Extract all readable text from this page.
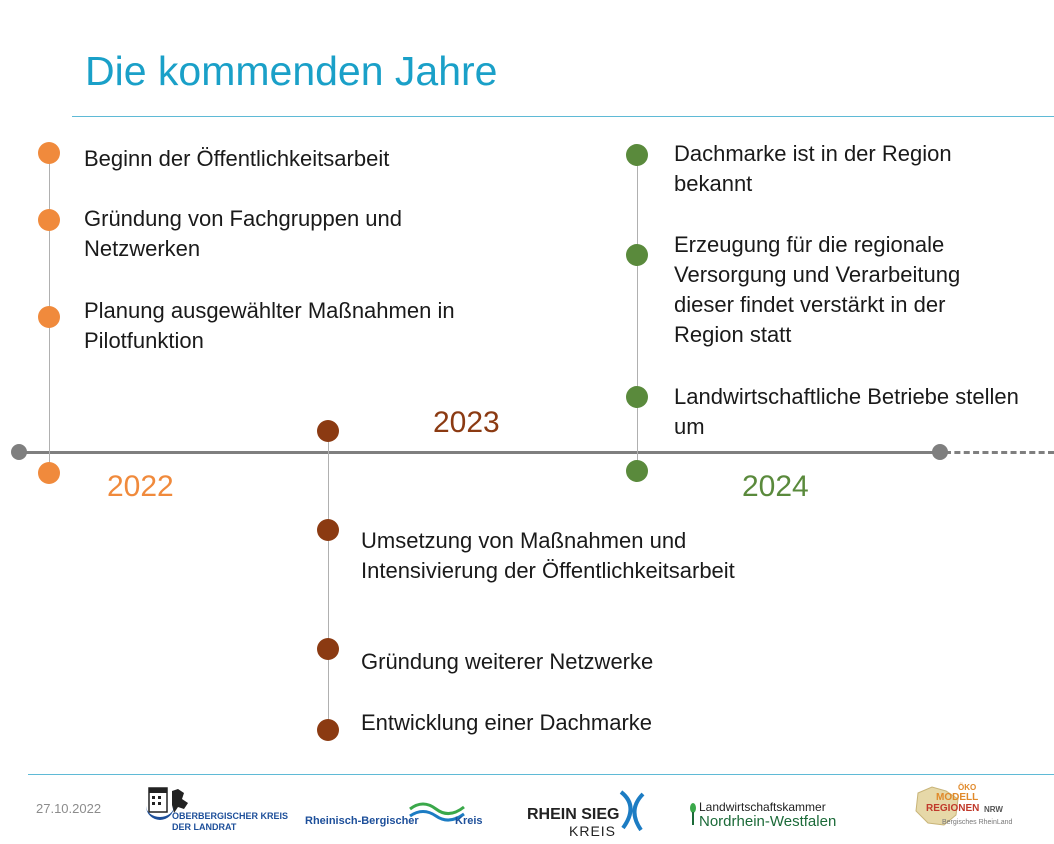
Die kommenden Jahre
Beginn der Öffentlichkeitsarbeit
Gründung von Fachgruppen und Netzwerken
Planung ausgewählter Maßnahmen in Pilotfunktion
2022
2023
Umsetzung von Maßnahmen und Intensivierung der Öffentlichkeitsarbeit
Gründung weiterer Netzwerke
Entwicklung einer Dachmarke
Dachmarke ist in der Region bekannt
Erzeugung für die regionale Versorgung und Verarbeitung dieser findet verstärkt in der Region statt
Landwirtschaftliche Betriebe stellen um
2024
27.10.2022	OBERBERGISCHER KREIS
DER LANDRAT	Rheinisch-Bergischer	Kreis	RHEIN SIEG
KREIS
Landwirtschaftskammer
Nordrhein-Westfalen
ÖKO
MODELL
REGIONEN NRW
Bergisches RheinLand
